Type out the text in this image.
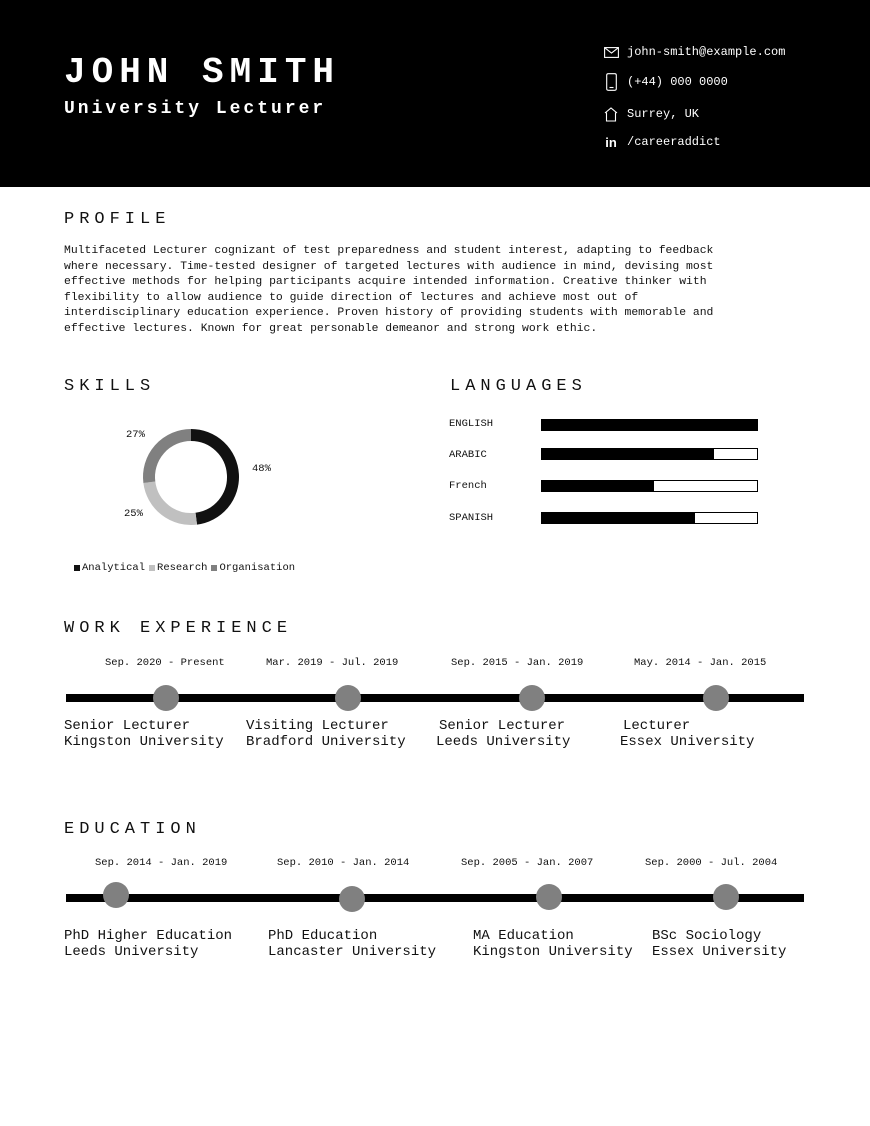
JOHN SMITH
University Lecturer
john-smith@example.com
(+44) 000 0000
Surrey, UK
in /careeraddict
PROFILE

Multifaceted Lecturer cognizant of test preparedness and student interest, adapting to feedback
where necessary. Time-tested designer of targeted lectures with audience in mind, devising most
effective methods for helping participants acquire intended information. Creative thinker with
flexibility to allow audience to guide direction of lectures and achieve most out of
interdisciplinary education experience. Proven history of providing students with memorable and
effective lectures. Known for great personable demeanor and strong work ethic.

SKILLS
27%
48%
25%
Analytical Research Organisation
LANGUAGES
ENGLISH
ARABIC
French
SPANISH
WORK EXPERIENCE
Sep. 2020 - Present
Senior Lecturer
Kingston University
Mar. 2019 - Jul. 2019
Visiting Lecturer
Bradford University
Sep. 2015 - Jan. 2019
Senior Lecturer
Leeds University
May. 2014 - Jan. 2015
Lecturer
Essex University
EDUCATION
Sep. 2014 - Jan. 2019
PhD Higher Education
Leeds University
Sep. 2010 - Jan. 2014
PhD Education
Lancaster University
Sep. 2005 - Jan. 2007
MA Education
Kingston University
Sep. 2000 - Jul. 2004
BSc Sociology
Essex University
